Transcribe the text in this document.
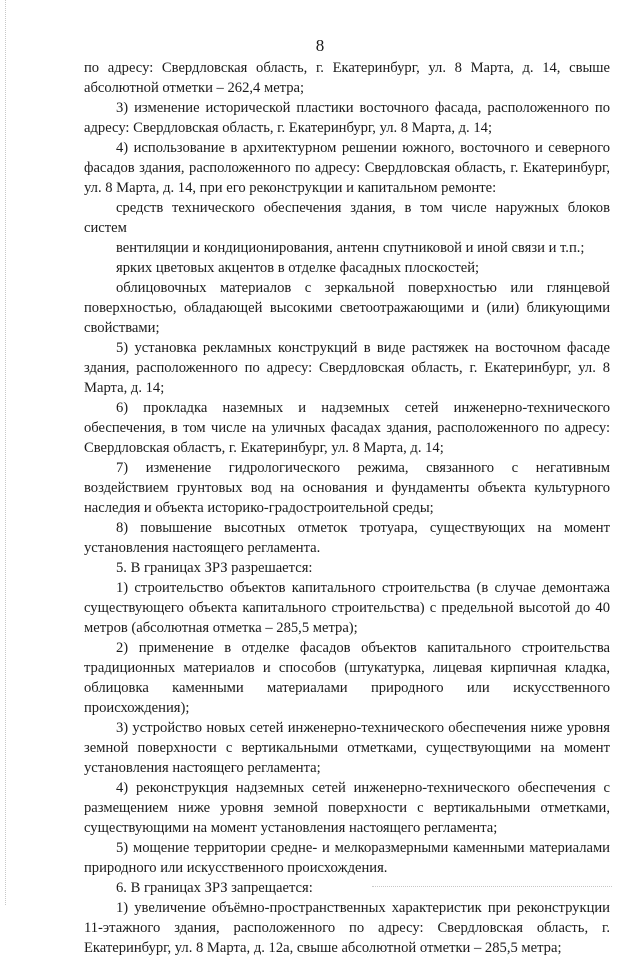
8

по адресу: Свердловская область, г. Екатеринбург, ул. 8 Марта, д. 14, свыше абсолютной отметки – 262,4 метра;

3) изменение исторической пластики восточного фасада, расположенного по адресу: Свердловская область, г. Екатеринбург, ул. 8 Марта, д. 14;

4) использование в архитектурном решении южного, восточного и северного фасадов здания, расположенного по адресу: Свердловская область, г. Екатеринбург, ул. 8 Марта, д. 14, при его реконструкции и капитальном ремонте:

средств технического обеспечения здания, в том числе наружных блоков систем

вентиляции и кондиционирования, антенн спутниковой и иной связи и т.п.;

ярких цветовых акцентов в отделке фасадных плоскостей;

облицовочных материалов с зеркальной поверхностью или глянцевой поверхностью, обладающей высокими светоотражающими и (или) бликующими свойствами;

5) установка рекламных конструкций в виде растяжек на восточном фасаде здания, расположенного по адресу: Свердловская область, г. Екатеринбург, ул. 8 Марта, д. 14;

6) прокладка наземных и надземных сетей инженерно-технического обеспечения, в том числе на уличных фасадах здания, расположенного по адресу: Свердловская областъ, г. Екатеринбург, ул. 8 Марта, д. 14;

7) изменение гидрологического режима, связанного с негативным воздействием грунтовых вод на основания и фундаменты объекта культурного наследия и объекта историко-градостроительной среды;

8) повышение высотных отметок тротуара, существующих на момент установления настоящего регламента.

5. В границах ЗРЗ разрешается:

1) строительство объектов капитального строительства (в случае демонтажа существующего объекта капитального строительства) с предельной высотой до 40 метров (абсолютная отметка – 285,5 метра);

2) применение в отделке фасадов объектов капитального строительства традиционных материалов и способов (штукатурка, лицевая кирпичная кладка, облицовка каменными материалами природного или искусственного происхождения);

3) устройство новых сетей инженерно-технического обеспечения ниже уровня земной поверхности с вертикальными отметками, существующими на момент установления настоящего регламента;

4) реконструкция надземных сетей инженерно-технического обеспечения с размещением ниже уровня земной поверхности с вертикальными отметками, существующими на момент установления настоящего регламента;

5) мощение территории средне- и мелкоразмерными каменными материалами природного или искусственного происхождения.

6. В границах ЗРЗ запрещается:

1) увеличение объёмно-пространственных характеристик при реконструкции 11-этажного здания, расположенного по адресу: Свердловская область, г. Екатеринбург, ул. 8 Марта, д. 12а, свыше абсолютной отметки – 285,5 метра;
